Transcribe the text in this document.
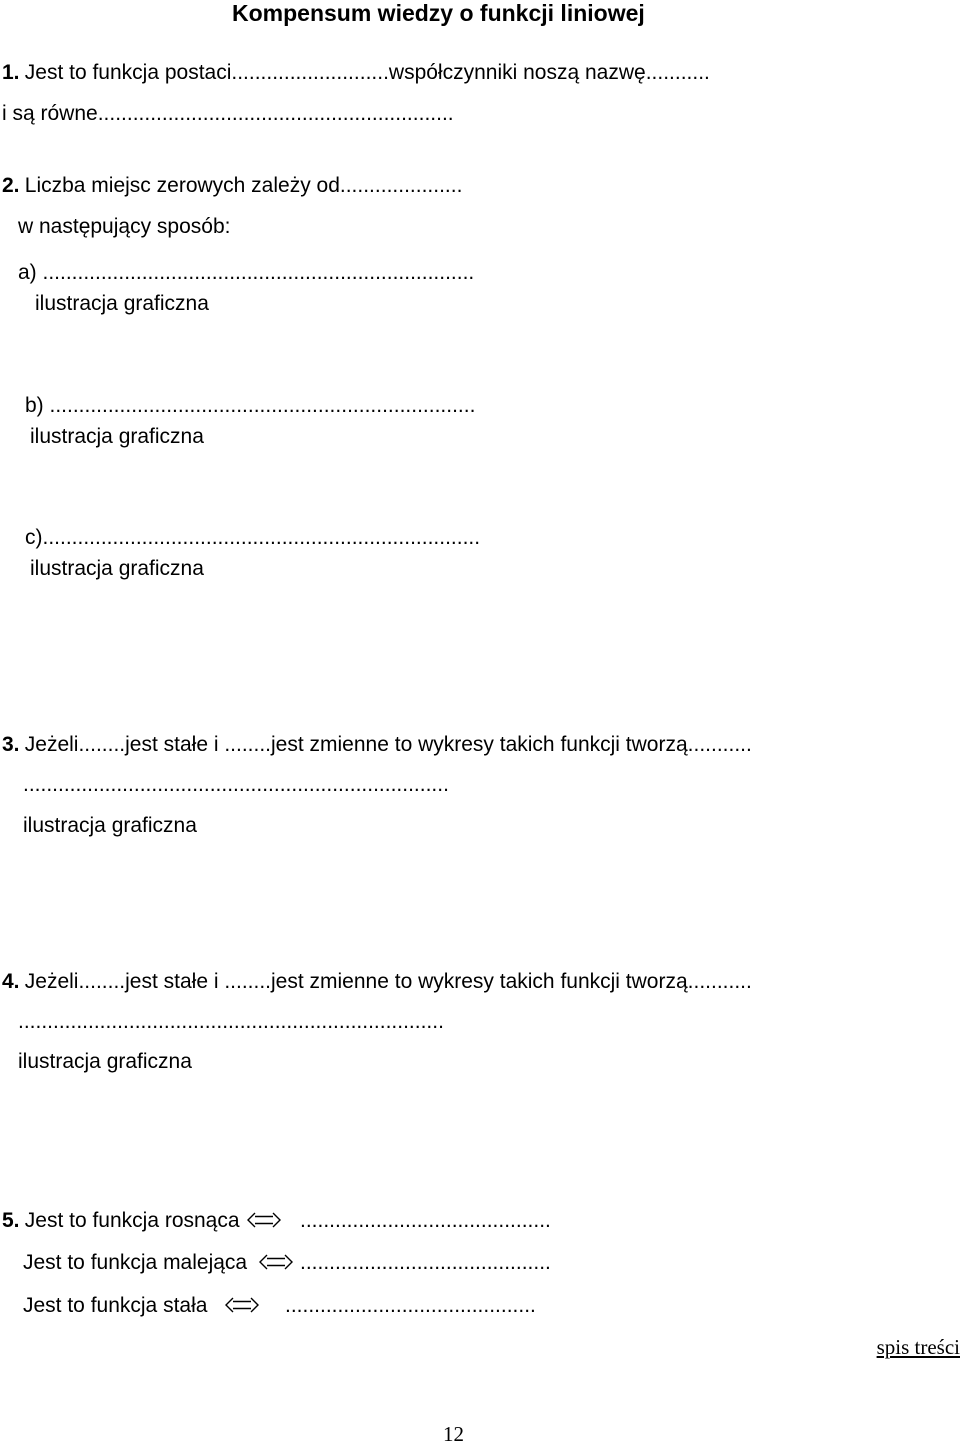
Kompensum wiedzy o funkcji liniowej
1. Jest to funkcja postaci...........................współczynniki noszą nazwę...........
i są równe.............................................................
2. Liczba miejsc zerowych zależy od.....................
w następujący sposób:
a) ..........................................................................
ilustracja graficzna
b) .........................................................................
ilustracja graficzna
c)...........................................................................
ilustracja graficzna
3. Jeżeli........jest stałe i ........jest zmienne to wykresy takich funkcji tworzą...........
.........................................................................
ilustracja graficzna
4. Jeżeli........jest stałe i ........jest zmienne to wykresy takich funkcji tworzą...........
.........................................................................
ilustracja graficzna
5. Jest to funkcja rosnąca	...........................................
Jest to funkcja malejąca	...........................................
Jest to funkcja stała	...........................................
spis treści
12
